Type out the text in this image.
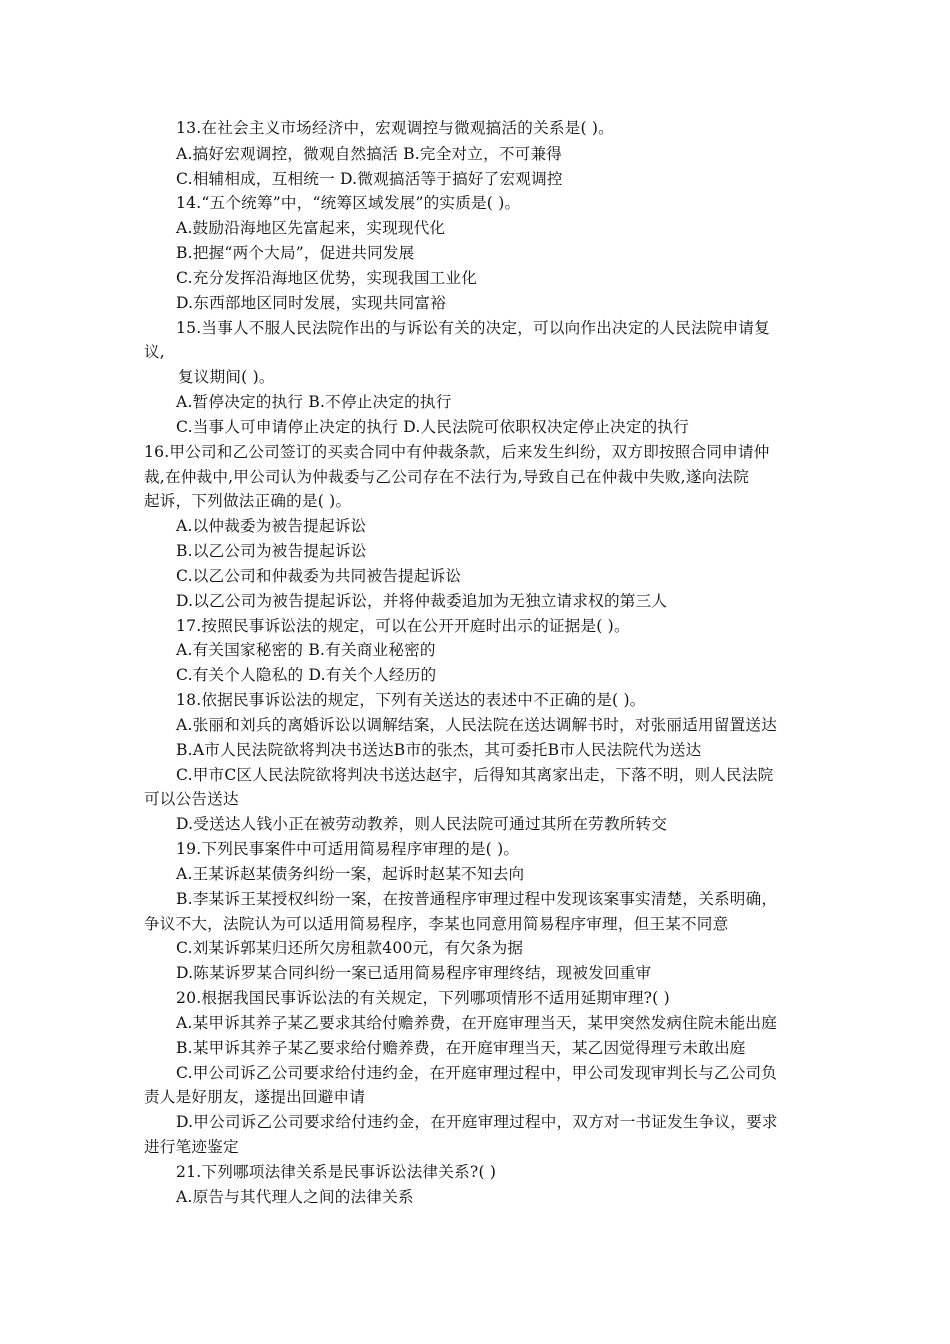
13.在社会主义市场经济中，宏观调控与微观搞活的关系是( )。
A.搞好宏观调控，微观自然搞活 B.完全对立，不可兼得
C.相辅相成，互相统一 D.微观搞活等于搞好了宏观调控
14.“五个统筹”中，“统筹区域发展”的实质是( )。
A.鼓励沿海地区先富起来，实现现代化
B.把握“两个大局”，促进共同发展
C.充分发挥沿海地区优势，实现我国工业化
D.东西部地区同时发展，实现共同富裕
15.当事人不服人民法院作出的与诉讼有关的决定，可以向作出决定的人民法院申请复
议,
复议期间( )。
A.暂停决定的执行 B.不停止决定的执行
C.当事人可申请停止决定的执行 D.人民法院可依职权决定停止决定的执行
16.甲公司和乙公司签订的买卖合同中有仲裁条款，后来发生纠纷，双方即按照合同申请仲
裁,在仲裁中,甲公司认为仲裁委与乙公司存在不法行为,导致自己在仲裁中失败,遂向法院
起诉，下列做法正确的是( )。
A.以仲裁委为被告提起诉讼
B.以乙公司为被告提起诉讼
C.以乙公司和仲裁委为共同被告提起诉讼
D.以乙公司为被告提起诉讼，并将仲裁委追加为无独立请求权的第三人
17.按照民事诉讼法的规定，可以在公开开庭时出示的证据是( )。
A.有关国家秘密的 B.有关商业秘密的
C.有关个人隐私的 D.有关个人经历的
18.依据民事诉讼法的规定，下列有关送达的表述中不正确的是( )。
A.张丽和刘兵的离婚诉讼以调解结案，人民法院在送达调解书时，对张丽适用留置送达
B.A市人民法院欲将判决书送达B市的张杰，其可委托B市人民法院代为送达
C.甲市C区人民法院欲将判决书送达赵宇，后得知其离家出走，下落不明，则人民法院
可以公告送达
D.受送达人钱小正在被劳动教养，则人民法院可通过其所在劳教所转交
19.下列民事案件中可适用简易程序审理的是( )。
A.王某诉赵某债务纠纷一案，起诉时赵某不知去向
B.李某诉王某授权纠纷一案，在按普通程序审理过程中发现该案事实清楚，关系明确，
争议不大，法院认为可以适用简易程序，李某也同意用简易程序审理，但王某不同意
C.刘某诉郭某归还所欠房租款400元，有欠条为据
D.陈某诉罗某合同纠纷一案已适用简易程序审理终结，现被发回重审
20.根据我国民事诉讼法的有关规定，下列哪项情形不适用延期审理?( )
A.某甲诉其养子某乙要求其给付赡养费，在开庭审理当天，某甲突然发病住院未能出庭
B.某甲诉其养子某乙要求给付赡养费，在开庭审理当天，某乙因觉得理亏未敢出庭
C.甲公司诉乙公司要求给付违约金，在开庭审理过程中，甲公司发现审判长与乙公司负
责人是好朋友，遂提出回避申请
D.甲公司诉乙公司要求给付违约金，在开庭审理过程中，双方对一书证发生争议，要求
进行笔迹鉴定
21.下列哪项法律关系是民事诉讼法律关系?( )
A.原告与其代理人之间的法律关系
